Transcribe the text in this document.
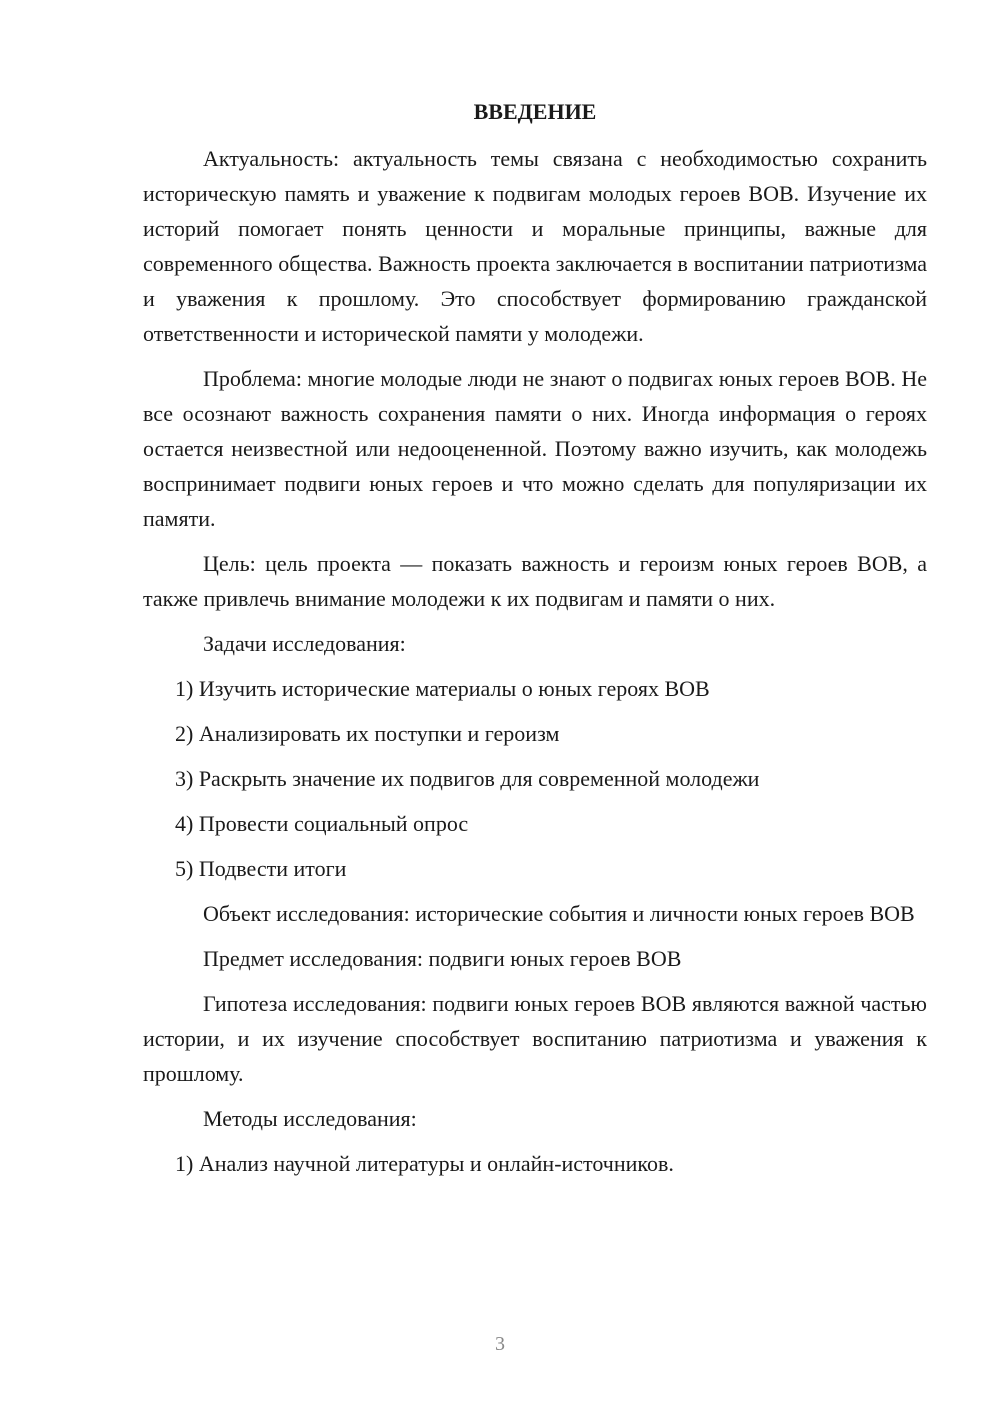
ВВЕДЕНИЕ

Актуальность: актуальность темы связана с необходимостью сохранить историческую память и уважение к подвигам молодых героев ВОВ. Изучение их историй помогает понять ценности и моральные принципы, важные для современного общества. Важность проекта заключается в воспитании патриотизма и уважения к прошлому. Это способствует формированию гражданской ответственности и исторической памяти у молодежи.

Проблема: многие молодые люди не знают о подвигах юных героев ВОВ. Не все осознают важность сохранения памяти о них. Иногда информация о героях остается неизвестной или недооцененной. Поэтому важно изучить, как молодежь воспринимает подвиги юных героев и что можно сделать для популяризации их памяти.

Цель: цель проекта — показать важность и героизм юных героев ВОВ, а также привлечь внимание молодежи к их подвигам и памяти о них.

Задачи исследования:

1) Изучить исторические материалы о юных героях ВОВ

2) Анализировать их поступки и героизм

3) Раскрыть значение их подвигов для современной молодежи

4) Провести социальный опрос

5) Подвести итоги

Объект исследования: исторические события и личности юных героев ВОВ

Предмет исследования: подвиги юных героев ВОВ

Гипотеза исследования: подвиги юных героев ВОВ являются важной частью истории, и их изучение способствует воспитанию патриотизма и уважения к прошлому.

Методы исследования:

1) Анализ научной литературы и онлайн-источников.

3
